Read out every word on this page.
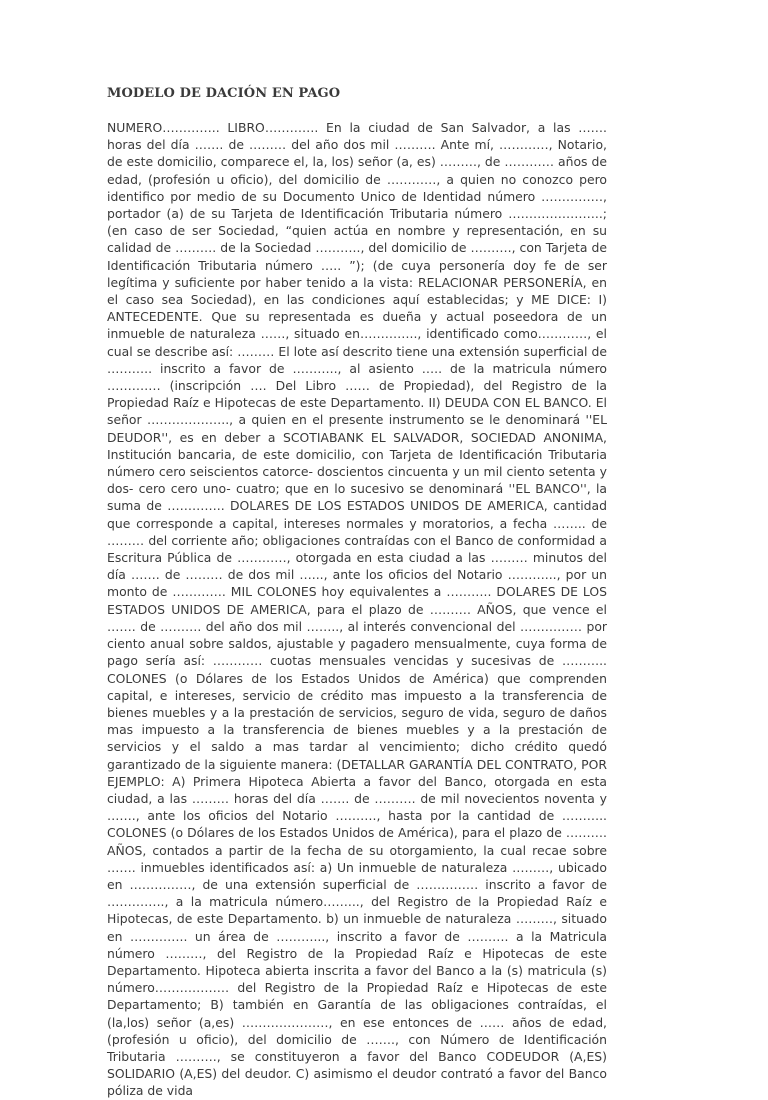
MODELO DE DACIÓN EN PAGO

NUMERO………….. LIBRO…………. En la ciudad de San Salvador, a las ……. horas del día ……. de ……… del año dos mil ………. Ante mí, …………, Notario, de este domicilio, comparece el, la, los) señor (a, es) ………, de ………… años de edad, (profesión u oficio), del domicilio de …………, a quien no conozco pero identifico por medio de su Documento Unico de Identidad número ……………, portador (a) de su Tarjeta de Identificación Tributaria número …………………..; (en caso de ser Sociedad, “quien actúa en nombre y representación, en su calidad de ………. de la Sociedad ……….., del domicilio de ………., con Tarjeta de Identificación Tributaria número ….. ”); (de cuya personería doy fe de ser legítima y suficiente por haber tenido a la vista: RELACIONAR PERSONERÍA, en el caso sea Sociedad), en las condiciones aquí establecidas; y ME DICE: I) ANTECEDENTE. Que su representada es dueña y actual poseedora de un inmueble de naturaleza ……, situado en………….., identificado como…………, el cual se describe así: ……… El lote así descrito tiene una extensión superficial de ……….. inscrito a favor de ……….., al asiento ….. de la matricula número …………. (inscripción …. Del Libro …… de Propiedad), del Registro de la Propiedad Raíz e Hipotecas de este Departamento. II) DEUDA CON EL BANCO. El señor ……………….., a quien en el presente instrumento se le denominará ''EL DEUDOR'', es en deber a SCOTIABANK EL SALVADOR, SOCIEDAD ANONIMA, Institución bancaria, de este domicilio, con Tarjeta de Identificación Tributaria número cero seiscientos catorce- doscientos cincuenta y un mil ciento setenta y dos- cero cero uno- cuatro; que en lo sucesivo se denominará ''EL BANCO'', la suma de ………….. DOLARES DE LOS ESTADOS UNIDOS DE AMERICA, cantidad que corresponde a capital, intereses normales y moratorios, a fecha …….. de ……… del corriente año; obligaciones contraídas con el Banco de conformidad a Escritura Pública de …………, otorgada en esta ciudad a las ……… minutos del día ……. de ……… de dos mil …..., ante los oficios del Notario ………..., por un monto de …………. MIL COLONES hoy equivalentes a ……….. DOLARES DE LOS ESTADOS UNIDOS DE AMERICA, para el plazo de ………. AÑOS, que vence el ……. de ………. del año dos mil …….., al interés convencional del …………… por ciento anual sobre saldos, ajustable y pagadero mensualmente, cuya forma de pago sería así: ………… cuotas mensuales vencidas y sucesivas de ……….. COLONES (o Dólares de los Estados Unidos de América) que comprenden capital, e intereses, servicio de crédito mas impuesto a la transferencia de bienes muebles y a la prestación de servicios, seguro de vida, seguro de daños mas impuesto a la transferencia de bienes muebles y a la prestación de servicios y el saldo a mas tardar al vencimiento; dicho crédito quedó garantizado de la siguiente manera: (DETALLAR GARANTÍA DEL CONTRATO, POR EJEMPLO: A) Primera Hipoteca Abierta a favor del Banco, otorgada en esta ciudad, a las ……… horas del día ……. de ………. de mil novecientos noventa y ……., ante los oficios del Notario ………., hasta por la cantidad de ……….. COLONES (o Dólares de los Estados Unidos de América), para el plazo de ………. AÑOS, contados a partir de la fecha de su otorgamiento, la cual recae sobre ……. inmuebles identificados así: a) Un inmueble de naturaleza ………, ubicado en ……………, de una extensión superficial de …………… inscrito a favor de ………….., a la matricula número……..., del Registro de la Propiedad Raíz e Hipotecas, de este Departamento. b) un inmueble de naturaleza ………, situado en ………….. un área de ………..., inscrito a favor de ………. a la Matricula número ………, del Registro de la Propiedad Raíz e Hipotecas de este Departamento. Hipoteca abierta inscrita a favor del Banco a la (s) matricula (s) número……………… del Registro de la Propiedad Raíz e Hipotecas de este Departamento; B) también en Garantía de las obligaciones contraídas, el (la,los) señor (a,es) …………………, en ese entonces de …… años de edad, (profesión u oficio), del domicilio de ……., con Número de Identificación Tributaria ………., se constituyeron a favor del Banco CODEUDOR (A,ES) SOLIDARIO (A,ES) del deudor. C) asimismo el deudor contrató a favor del Banco póliza de vida
